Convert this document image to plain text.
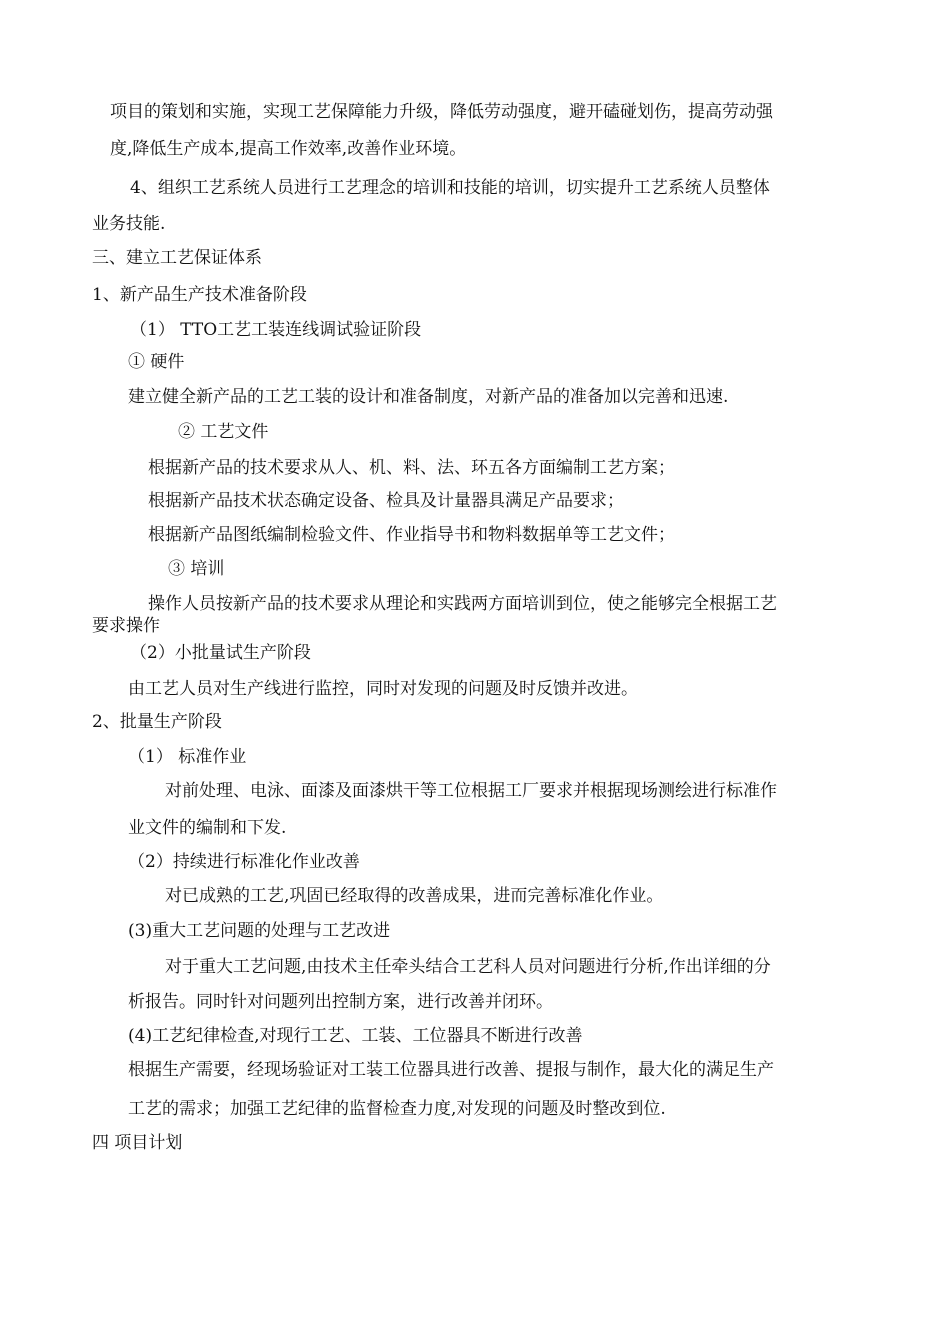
项目的策划和实施，实现工艺保障能力升级，降低劳动强度，避开磕碰划伤，提高劳动强
度,降低生产成本,提高工作效率,改善作业环境。
4、组织工艺系统人员进行工艺理念的培训和技能的培训，切实提升工艺系统人员整体
业务技能.
三、建立工艺保证体系
1、新产品生产技术准备阶段
（1） TTO工艺工装连线调试验证阶段
① 硬件
建立健全新产品的工艺工装的设计和准备制度，对新产品的准备加以完善和迅速.
② 工艺文件
根据新产品的技术要求从人、机、料、法、环五各方面编制工艺方案；
根据新产品技术状态确定设备、检具及计量器具满足产品要求；
根据新产品图纸编制检验文件、作业指导书和物料数据单等工艺文件；
③ 培训
操作人员按新产品的技术要求从理论和实践两方面培训到位，使之能够完全根据工艺
要求操作
（2）小批量试生产阶段
由工艺人员对生产线进行监控，同时对发现的问题及时反馈并改进。
2、批量生产阶段
（1） 标准作业
对前处理、电泳、面漆及面漆烘干等工位根据工厂要求并根据现场测绘进行标准作
业文件的编制和下发.
（2）持续进行标准化作业改善
对已成熟的工艺,巩固已经取得的改善成果，进而完善标准化作业。
(3)重大工艺问题的处理与工艺改进
对于重大工艺问题,由技术主任牵头结合工艺科人员对问题进行分析,作出详细的分
析报告。同时针对问题列出控制方案，进行改善并闭环。
(4)工艺纪律检查,对现行工艺、工装、工位器具不断进行改善
根据生产需要，经现场验证对工装工位器具进行改善、提报与制作，最大化的满足生产
工艺的需求；加强工艺纪律的监督检查力度,对发现的问题及时整改到位.
四 项目计划
